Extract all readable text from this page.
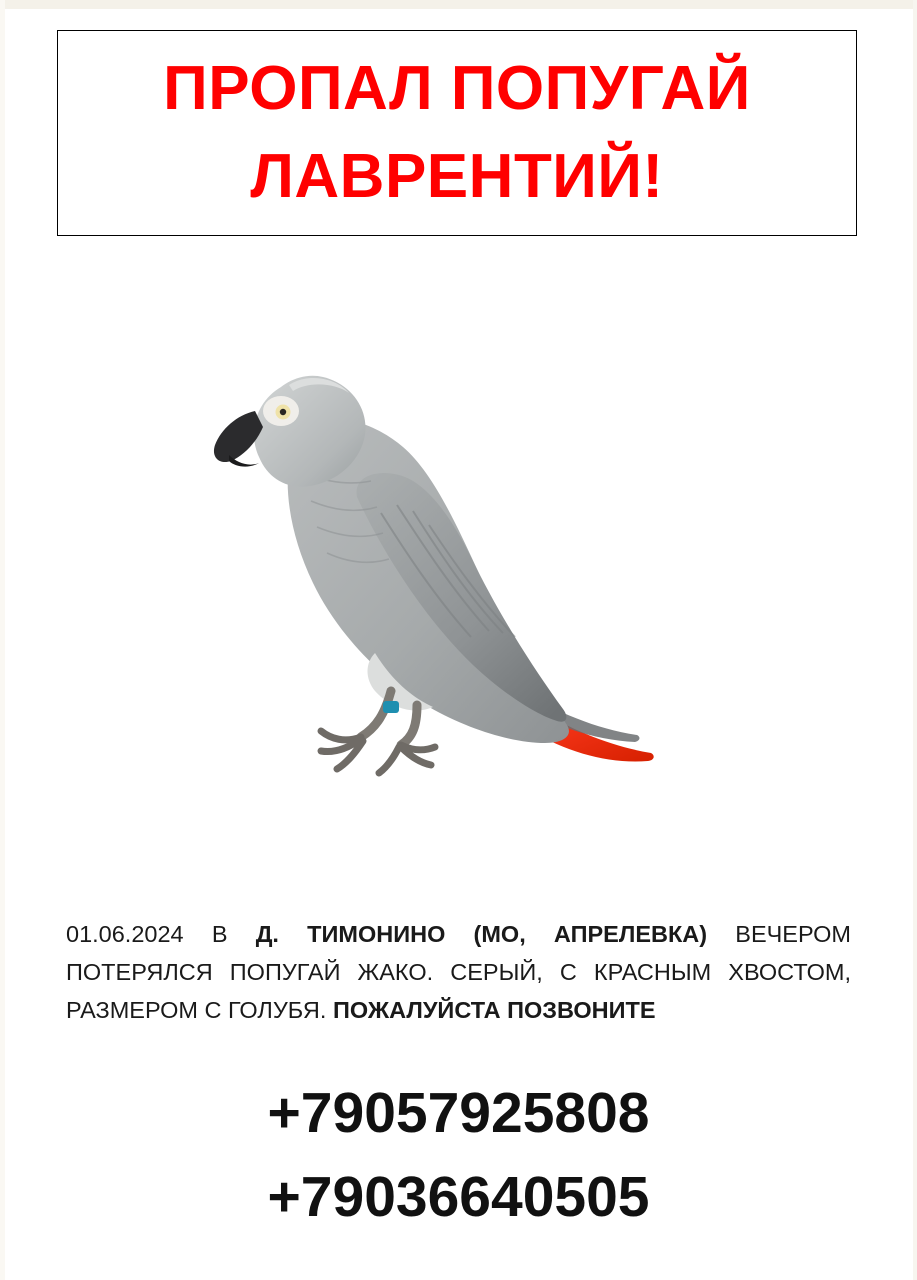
ПРОПАЛ ПОПУГАЙ
ЛАВРЕНТИЙ!
01.06.2024 В Д. ТИМОНИНО (МО, АПРЕЛЕВКА) ВЕЧЕРОМ ПОТЕРЯЛСЯ ПОПУГАЙ ЖАКО. СЕРЫЙ, С КРАСНЫМ ХВОСТОМ, РАЗМЕРОМ С ГОЛУБЯ. ПОЖАЛУЙСТА ПОЗВОНИТЕ
+79057925808
+79036640505
